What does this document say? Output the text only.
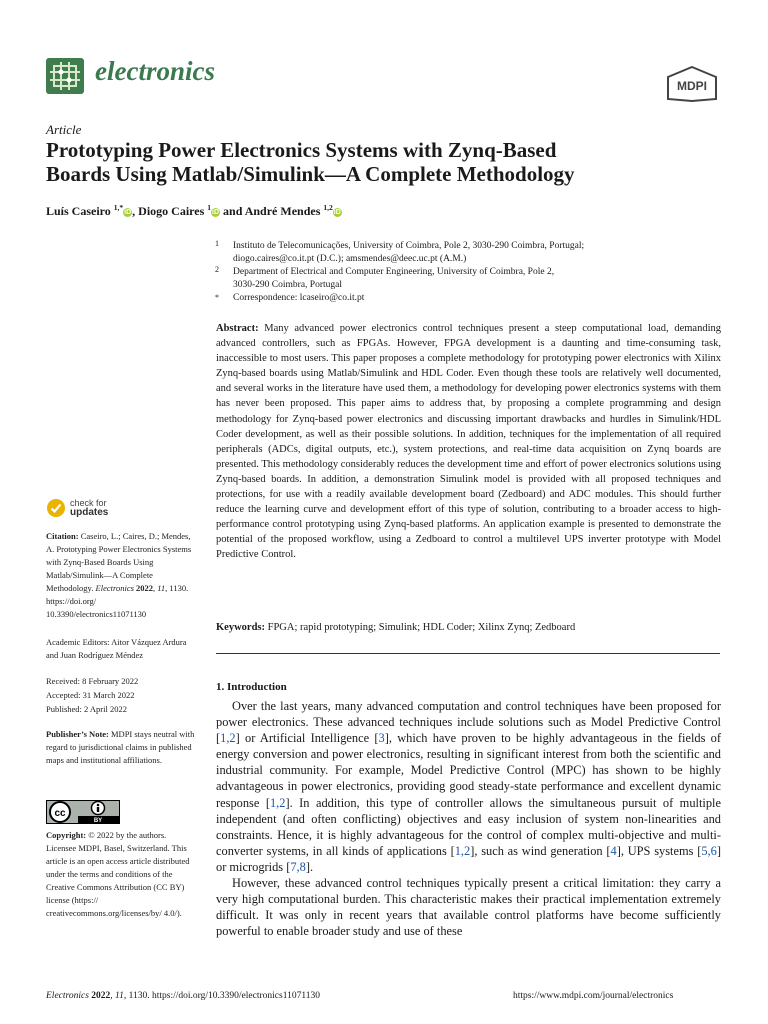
electronics	MDPI
Article
Prototyping Power Electronics Systems with Zynq-Based
Boards Using Matlab/Simulink—A Complete Methodology
Luís Caseiro $^{1,*}$iD, Diogo Caires $^1$iD and André Mendes $^{1,2}$iD
1 Instituto de Telecomunicações, University of Coimbra, Pole 2, 3030-290 Coimbra, Portugal;
diogo.caires@co.it.pt (D.C.); amsmendes@deec.uc.pt (A.M.)
2 Department of Electrical and Computer Engineering, University of Coimbra, Pole 2,
3030-290 Coimbra, Portugal
* Correspondence: lcaseiro@co.it.pt
Abstract: Many advanced power electronics control techniques present a steep computational load, demanding advanced controllers, such as FPGAs. However, FPGA development is a daunting and time-consuming task, inaccessible to most users. This paper proposes a complete methodology for prototyping power electronics with Xilinx Zynq-based boards using Matlab/Simulink and HDL Coder. Even though these tools are relatively well documented, and several works in the literature have used them, a methodology for developing power electronics systems with them has never been proposed. This paper aims to address that, by proposing a complete programming and design methodology for Zynq-based power electronics and discussing important drawbacks and hurdles in Simulink/HDL Coder development, as well as their possible solutions. In addition, techniques for the implementation of all required peripherals (ADCs, digital outputs, etc.), system protections, and real-time data acquisition on Zynq boards are presented. This methodology considerably reduces the development time and effort of power electronics solutions using Zynq-based boards. In addition, a demonstration Simulink model is provided with all proposed techniques and protections, for use with a readily available development board (Zedboard) and ADC modules. This should further reduce the learning curve and development effort of this type of solution, contributing to a broader access to high-performance control prototyping using Zynq-based platforms. An application example is presented to demonstrate the potential of the proposed workflow, using a Zedboard to control a multilevel UPS inverter prototype with Model Predictive Control.
Keywords: FPGA; rapid prototyping; Simulink; HDL Coder; Xilinx Zynq; Zedboard
check for
updates
Citation: Caseiro, L.; Caires, D.; Mendes, A. Prototyping Power Electronics Systems with Zynq-Based Boards Using Matlab/Simulink—A Complete Methodology. Electronics 2022, 11, 1130. https://doi.org/ 10.3390/electronics11071130
Academic Editors: Aitor Vázquez Ardura and Juan Rodríguez Méndez
Received: 8 February 2022
Accepted: 31 March 2022
Published: 2 April 2022
Publisher’s Note: MDPI stays neutral with regard to jurisdictional claims in published maps and institutional affiliations.
BY
cc
Copyright: © 2022 by the authors. Licensee MDPI, Basel, Switzerland. This article is an open access article distributed under the terms and conditions of the Creative Commons Attribution (CC BY) license (https:// creativecommons.org/licenses/by/ 4.0/).
1. Introduction

Over the last years, many advanced computation and control techniques have been proposed for power electronics. These advanced techniques include solutions such as Model Predictive Control [1,2] or Artificial Intelligence [3], which have proven to be highly advantageous in the fields of energy conversion and power electronics, resulting in significant interest from both the scientific and industrial community. For example, Model Predictive Control (MPC) has shown to be highly advantageous in power electronics, providing good steady-state performance and excellent dynamic response [1,2]. In addition, this type of controller allows the simultaneous pursuit of multiple independent (and often conflicting) objectives and easy inclusion of system non-linearities and constraints. Hence, it is highly advantageous for the control of complex multi-objective and multi-converter systems, in all kinds of applications [1,2], such as wind generation [4], UPS systems [5,6] or microgrids [7,8].

However, these advanced control techniques typically present a critical limitation: they carry a very high computational burden. This characteristic makes their practical implementation extremely difficult. It was only in recent years that available control platforms have become sufficiently powerful to enable broader study and use of these

Electronics 2022, 11, 1130. https://doi.org/10.3390/electronics11071130	https://www.mdpi.com/journal/electronics
